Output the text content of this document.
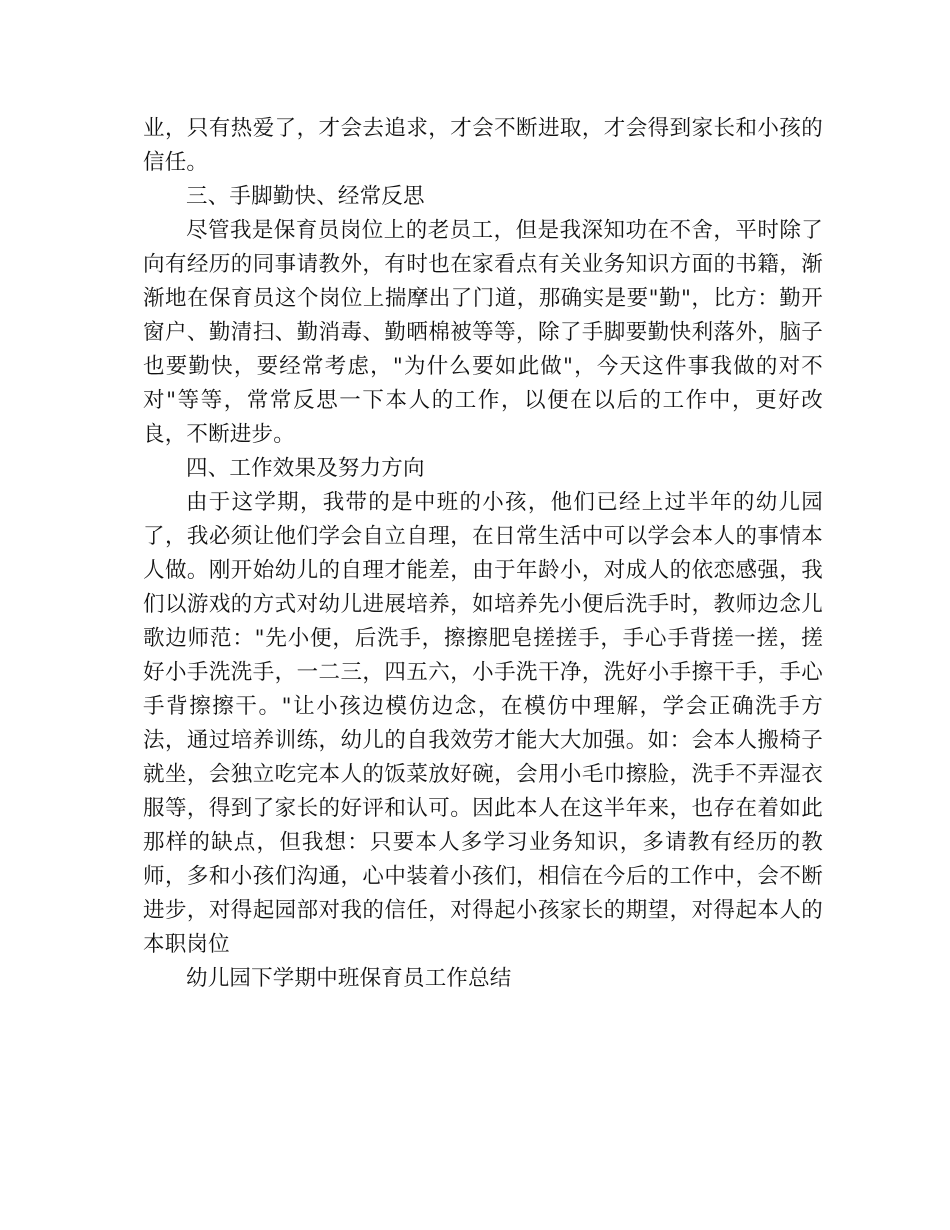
业，只有热爱了，才会去追求，才会不断进取，才会得到家长和小孩的信任。

三、手脚勤快、经常反思

尽管我是保育员岗位上的老员工，但是我深知功在不舍，平时除了向有经历的同事请教外，有时也在家看点有关业务知识方面的书籍，渐渐地在保育员这个岗位上揣摩出了门道，那确实是要"勤"，比方：勤开窗户、勤清扫、勤消毒、勤晒棉被等等，除了手脚要勤快利落外，脑子也要勤快，要经常考虑，"为什么要如此做"，今天这件事我做的对不对"等等，常常反思一下本人的工作，以便在以后的工作中，更好改良，不断进步。

四、工作效果及努力方向

由于这学期，我带的是中班的小孩，他们已经上过半年的幼儿园了，我必须让他们学会自立自理，在日常生活中可以学会本人的事情本人做。刚开始幼儿的自理才能差，由于年龄小，对成人的依恋感强，我们以游戏的方式对幼儿进展培养，如培养先小便后洗手时，教师边念儿歌边师范："先小便，后洗手，擦擦肥皂搓搓手，手心手背搓一搓，搓好小手洗洗手，一二三，四五六，小手洗干净，洗好小手擦干手，手心手背擦擦干。"让小孩边模仿边念，在模仿中理解，学会正确洗手方法，通过培养训练，幼儿的自我效劳才能大大加强。如：会本人搬椅子就坐，会独立吃完本人的饭菜放好碗，会用小毛巾擦脸，洗手不弄湿衣服等，得到了家长的好评和认可。因此本人在这半年来，也存在着如此那样的缺点，但我想：只要本人多学习业务知识，多请教有经历的教师，多和小孩们沟通，心中装着小孩们，相信在今后的工作中，会不断进步，对得起园部对我的信任，对得起小孩家长的期望，对得起本人的本职岗位

幼儿园下学期中班保育员工作总结
